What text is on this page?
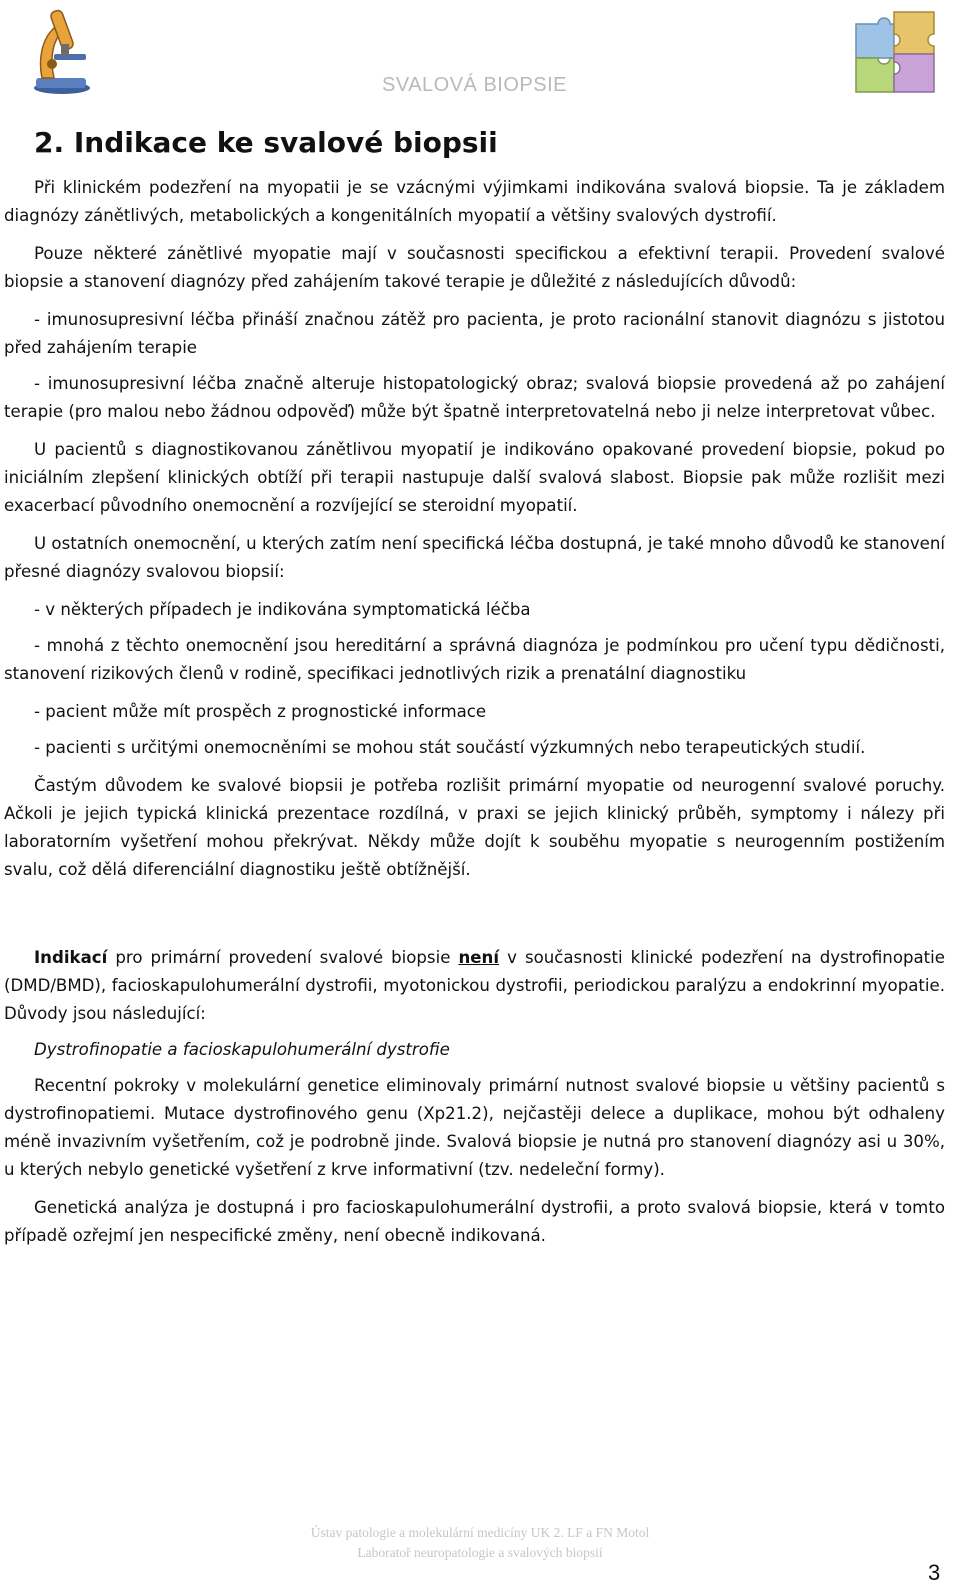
SVALOVÁ BIOPSIE
2. Indikace ke svalové biopsii

Při klinickém podezření na myopatii je se vzácnými výjimkami indikována svalová biopsie. Ta je základem diagnózy zánětlivých, metabolických a kongenitálních myopatií a většiny svalových dystrofií.

Pouze některé zánětlivé myopatie mají v současnosti specifickou a efektivní terapii. Provedení svalové biopsie a stanovení diagnózy před zahájením takové terapie je důležité z následujících důvodů:

- imunosupresivní léčba přináší značnou zátěž pro pacienta, je proto racionální stanovit diagnózu s jistotou před zahájením terapie

- imunosupresivní léčba značně alteruje histopatologický obraz; svalová biopsie provedená až po zahájení terapie (pro malou nebo žádnou odpověď) může být špatně interpretovatelná nebo ji nelze interpretovat vůbec.

U pacientů s diagnostikovanou zánětlivou myopatií je indikováno opakované provedení biopsie, pokud po iniciálním zlepšení klinických obtíží při terapii nastupuje další svalová slabost. Biopsie pak může rozlišit mezi exacerbací původního onemocnění a rozvíjející se steroidní myopatií.

U ostatních onemocnění, u kterých zatím není specifická léčba dostupná, je také mnoho důvodů ke stanovení přesné diagnózy svalovou biopsií:

- v některých případech je indikována symptomatická léčba

- mnohá z těchto onemocnění jsou hereditární a správná diagnóza je podmínkou pro učení typu dědičnosti, stanovení rizikových členů v rodině, specifikaci jednotlivých rizik a prenatální diagnostiku

- pacient může mít prospěch z prognostické informace

- pacienti s určitými onemocněními se mohou stát součástí výzkumných nebo terapeutických studií.

Častým důvodem ke svalové biopsii je potřeba rozlišit primární myopatie od neurogenní svalové poruchy. Ačkoli je jejich typická klinická prezentace rozdílná, v praxi se jejich klinický průběh, symptomy i nálezy při laboratorním vyšetření mohou překrývat. Někdy může dojít k souběhu myopatie s neurogenním postižením svalu, což dělá diferenciální diagnostiku ještě obtížnější.

Indikací pro primární provedení svalové biopsie není v současnosti klinické podezření na dystrofinopatie (DMD/BMD), facioskapulohumerální dystrofii, myotonickou dystrofii, periodickou paralýzu a endokrinní myopatie. Důvody jsou následující:

Dystrofinopatie a facioskapulohumerální dystrofie

Recentní pokroky v molekulární genetice eliminovaly primární nutnost svalové biopsie u většiny pacientů s dystrofinopatiemi. Mutace dystrofinového genu (Xp21.2), nejčastěji delece a duplikace, mohou být odhaleny méně invazivním vyšetřením, což je podrobně jinde. Svalová biopsie je nutná pro stanovení diagnózy asi u 30%, u kterých nebylo genetické vyšetření z krve informativní (tzv. nedeleční formy).

Genetická analýza je dostupná i pro facioskapulohumerální dystrofii, a proto svalová biopsie, která v tomto případě ozřejmí jen nespecifické změny, není obecně indikovaná.

Ústav patologie a molekulární medicíny UK 2. LF a FN Motol
Laboratoř neuropatologie a svalových biopsií
3
